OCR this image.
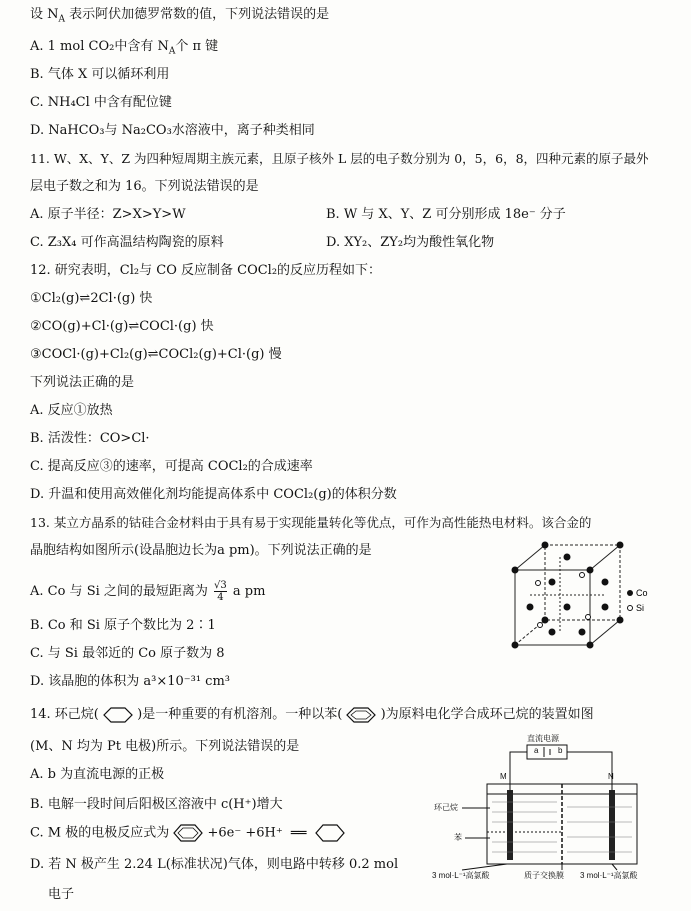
设 $N_A$ 表示阿伏加德罗常数的值，下列说法错误的是
A. 1 mol CO₂中含有 $N_A$个 π 键
B. 气体 X 可以循环利用
C. NH₄Cl 中含有配位键
D. NaHCO₃与 Na₂CO₃水溶液中，离子种类相同
11. W、X、Y、Z 为四种短周期主族元素，且原子核外 L 层的电子数分别为 0，5，6，8，四种元素的原子最外
层电子数之和为 16。下列说法错误的是
A. 原子半径：Z>X>Y>W	B. W 与 X、Y、Z 可分别形成 18e⁻ 分子
C. Z₃X₄ 可作高温结构陶瓷的原料	D. XY₂、ZY₂均为酸性氧化物
12. 研究表明，Cl₂与 CO 反应制备 COCl₂的反应历程如下：
①Cl₂(g)⇌2Cl·(g) 快
②CO(g)+Cl·(g)⇌COCl·(g) 快
③COCl·(g)+Cl₂(g)⇌COCl₂(g)+Cl·(g) 慢
下列说法正确的是
A. 反应①放热
B. 活泼性：CO>Cl·
C. 提高反应③的速率，可提高 COCl₂的合成速率
D. 升温和使用高效催化剂均能提高体系中 COCl₂(g)的体积分数
13. 某立方晶系的钴硅合金材料由于具有易于实现能量转化等优点，可作为高性能热电材料。该合金的
晶胞结构如图所示(设晶胞边长为a pm)。下列说法正确的是
A. Co 与 Si 之间的最短距离为 $\frac{√3}{4}$ a pm
B. Co 和 Si 原子个数比为 2∶1
C. 与 Si 最邻近的 Co 原子数为 8
D. 该晶胞的体积为 a³×10⁻³¹ cm³
Co
Si
14. 环己烷(	)是一种重要的有机溶剂。一种以苯(	)为原料电化学合成环己烷的装置如图
(M、N 均为 Pt 电极)所示。下列说法错误的是
A. b 为直流电源的正极
B. 电解一段时间后阳极区溶液中 c(H⁺)增大
C. M 极的电极反应式为	+6e⁻ +6H⁺ ══
D. 若 N 极产生 2.24 L(标准状况)气体，则电路中转移 0.2 mol
电子
直流电源
a b
M	N
环己烷
苯
3 mol·L⁻¹高氯酸	质子交换膜 3 mol·L⁻¹高氯酸
